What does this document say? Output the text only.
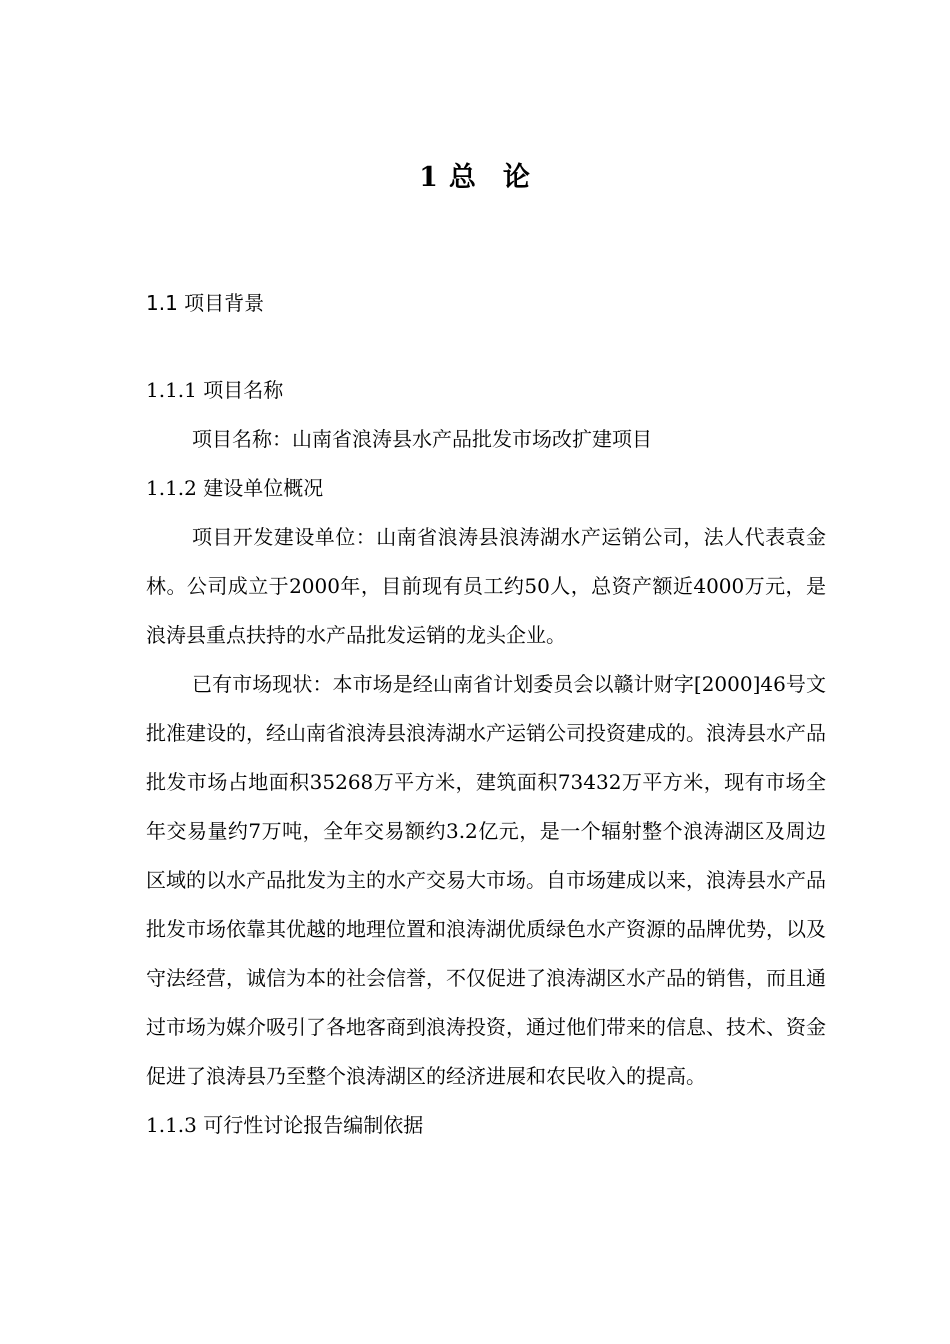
1 总 论
1.1 项目背景

1.1.1 项目名称

项目名称：山南省浪涛县水产品批发市场改扩建项目

1.1.2 建设单位概况

项目开发建设单位：山南省浪涛县浪涛湖水产运销公司，法人代表袁金林。公司成立于2000年，目前现有员工约50人，总资产额近4000万元，是浪涛县重点扶持的水产品批发运销的龙头企业。

已有市场现状：本市场是经山南省计划委员会以赣计财字[2000]46号文批准建设的，经山南省浪涛县浪涛湖水产运销公司投资建成的。浪涛县水产品批发市场占地面积35268万平方米，建筑面积73432万平方米，现有市场全年交易量约7万吨，全年交易额约3.2亿元，是一个辐射整个浪涛湖区及周边区域的以水产品批发为主的水产交易大市场。自市场建成以来，浪涛县水产品批发市场依靠其优越的地理位置和浪涛湖优质绿色水产资源的品牌优势，以及守法经营，诚信为本的社会信誉，不仅促进了浪涛湖区水产品的销售，而且通过市场为媒介吸引了各地客商到浪涛投资，通过他们带来的信息、技术、资金促进了浪涛县乃至整个浪涛湖区的经济进展和农民收入的提高。

1.1.3 可行性讨论报告编制依据
